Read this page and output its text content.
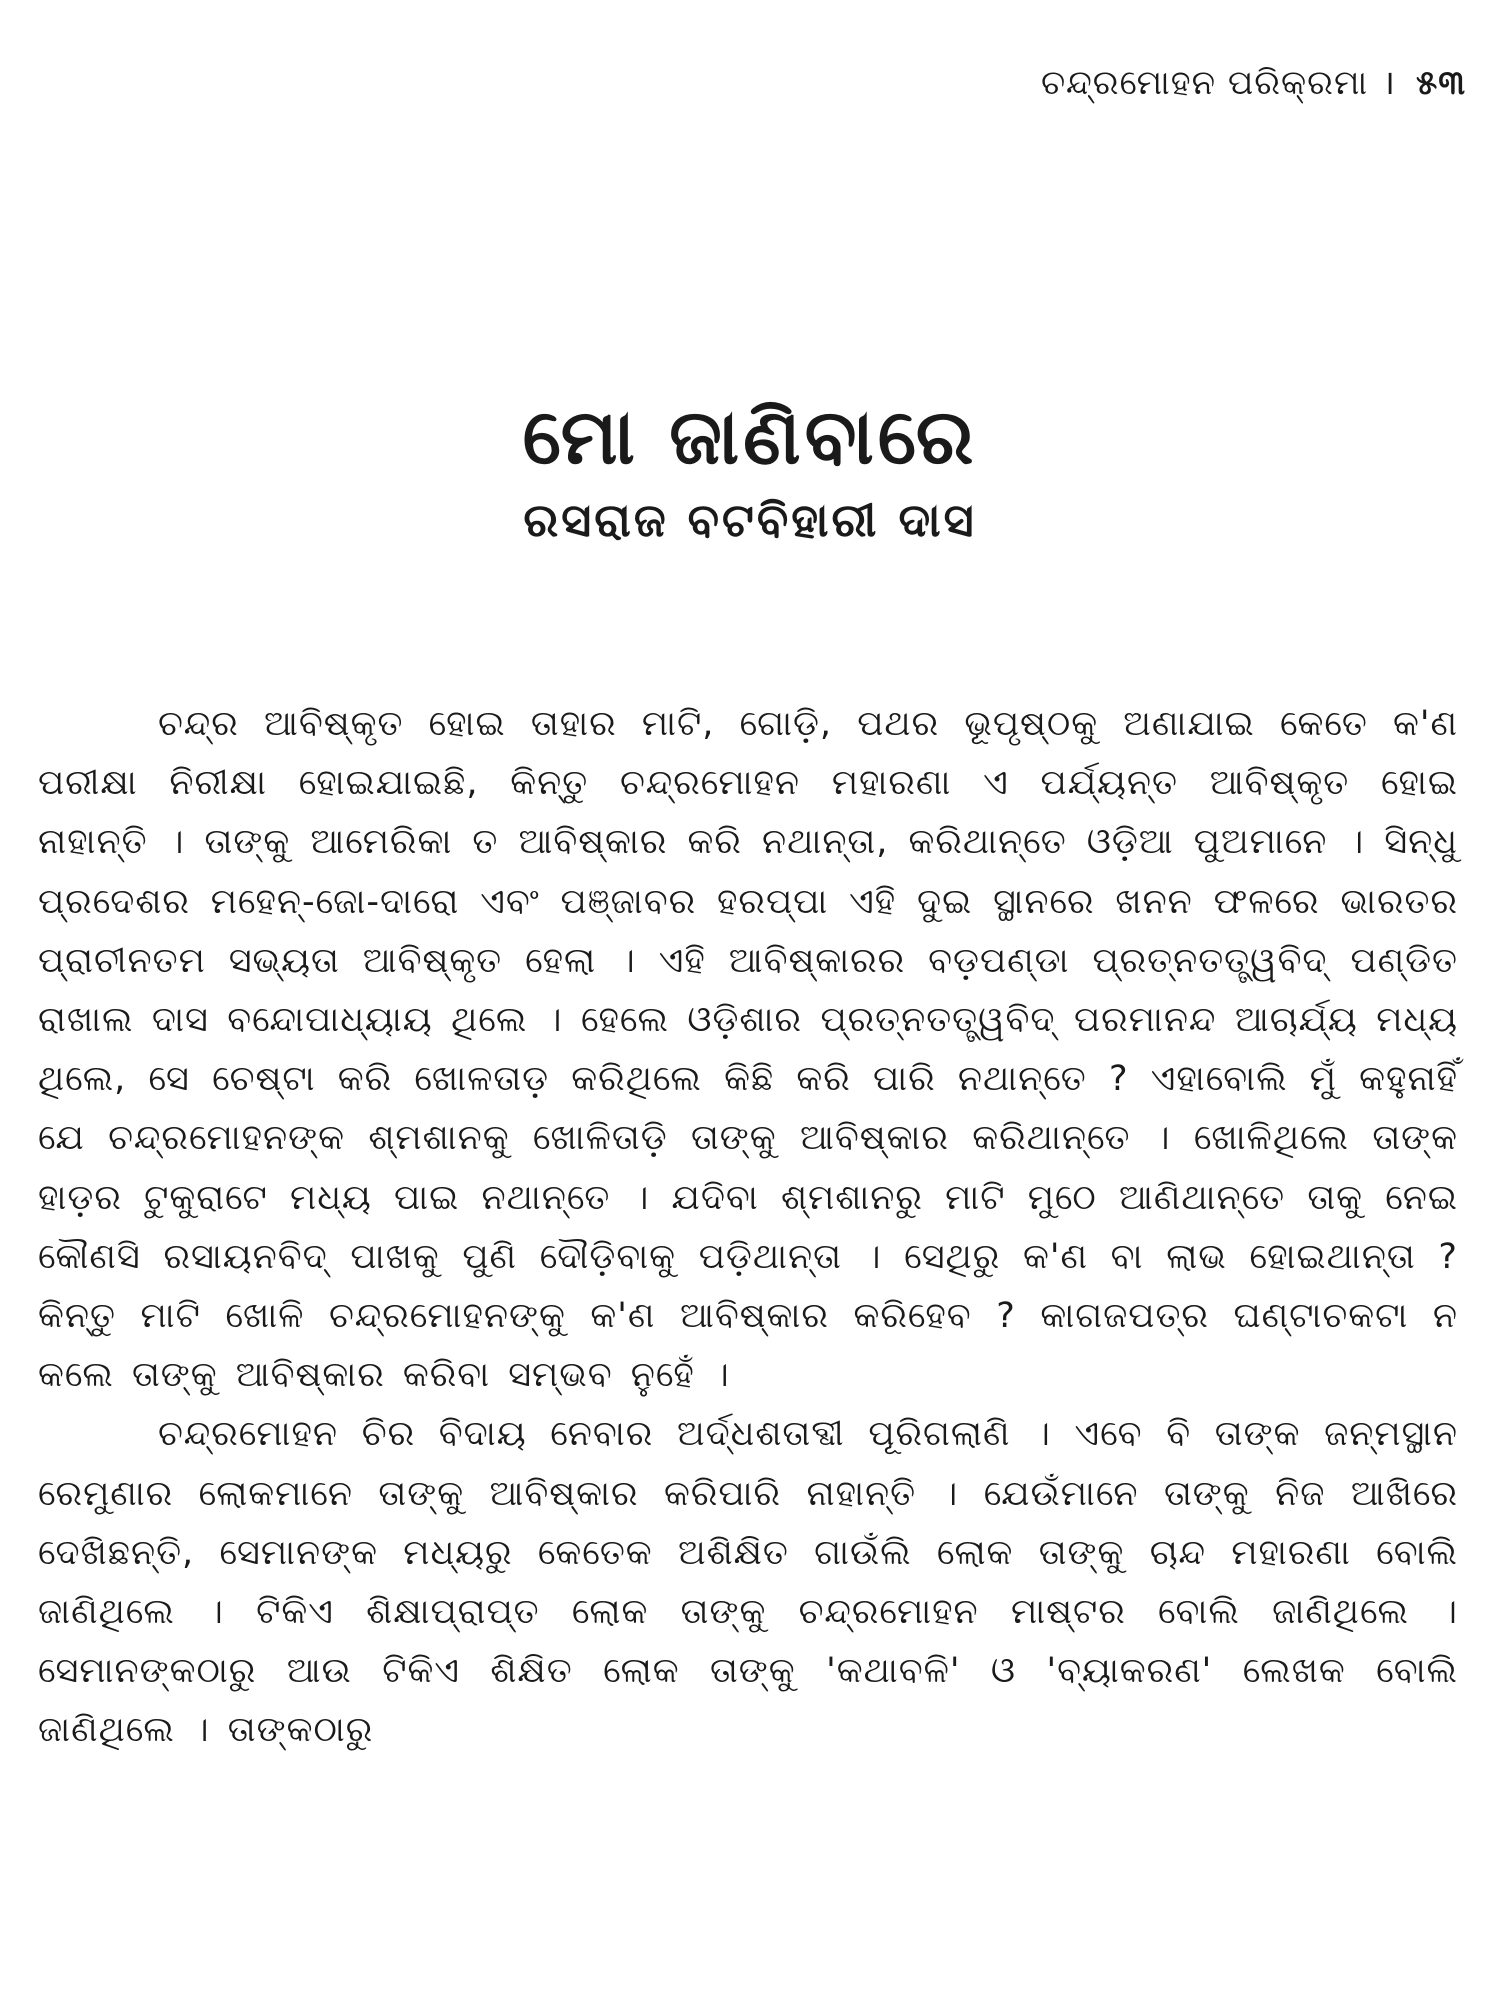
ଚନ୍ଦ୍ରମୋହନ ପରିକ୍ରମା । ୫୩
ମୋ ଜାଣିବାରେ
ରସରାଜ ବଟବିହାରୀ ଦାସ

ଚନ୍ଦ୍ର ଆବିଷ୍କୃତ ହୋଇ ତାହାର ମାଟି, ଗୋଡ଼ି, ପଥର ଭୂପୃଷ୍ଠକୁ ଅଣାଯାଇ କେତେ କ'ଣ ପରୀକ୍ଷା ନିରୀକ୍ଷା ହୋଇଯାଇଛି, କିନ୍ତୁ ଚନ୍ଦ୍ରମୋହନ ମହାରଣା ଏ ପର୍ଯ୍ୟନ୍ତ ଆବିଷ୍କୃତ ହୋଇ ନାହାନ୍ତି । ତାଙ୍କୁ ଆମେରିକା ତ ଆବିଷ୍କାର କରି ନଥାନ୍ତା, କରିଥାନ୍ତେ ଓଡ଼ିଆ ପୁଅମାନେ । ସିନ୍ଧୁ ପ୍ରଦେଶର ମହେନ୍-ଜୋ-ଦାରୋ ଏବଂ ପଞ୍ଜାବର ହରପ୍ପା ଏହି ଦୁଇ ସ୍ଥାନରେ ଖନନ ଫଳରେ ଭାରତର ପ୍ରାଚୀନତମ ସଭ୍ୟତା ଆବିଷ୍କୃତ ହେଲା । ଏହି ଆବିଷ୍କାରର ବଡ଼ପଣ୍ଡା ପ୍ରତ୍ନତତ୍ତ୍ୱବିଦ୍ ପଣ୍ଡିତ ରାଖାଲ ଦାସ ବନ୍ଦୋପାଧ୍ୟାୟ ଥିଲେ । ହେଲେ ଓଡ଼ିଶାର ପ୍ରତ୍ନତତ୍ତ୍ୱବିଦ୍ ପରମାନନ୍ଦ ଆଚାର୍ଯ୍ୟ ମଧ୍ୟ ଥିଲେ, ସେ ଚେଷ୍ଟା କରି ଖୋଳତାଡ଼ କରିଥିଲେ କିଛି କରି ପାରି ନଥାନ୍ତେ ? ଏହାବୋଲି ମୁଁ କହୁନାହିଁ ଯେ ଚନ୍ଦ୍ରମୋହନଙ୍କ ଶ୍ମଶାନକୁ ଖୋଳିତାଡ଼ି ତାଙ୍କୁ ଆବିଷ୍କାର କରିଥାନ୍ତେ । ଖୋଳିଥିଲେ ତାଙ୍କ ହାଡ଼ର ଟୁକୁରାଟେ ମଧ୍ୟ ପାଇ ନଥାନ୍ତେ । ଯଦିବା ଶ୍ମଶାନରୁ ମାଟି ମୁଠେ ଆଣିଥାନ୍ତେ ତାକୁ ନେଇ କୌଣସି ରସାୟନବିଦ୍ ପାଖକୁ ପୁଣି ଦୌଡ଼ିବାକୁ ପଡ଼ିଥାନ୍ତା । ସେଥିରୁ କ'ଣ ବା ଲାଭ ହୋଇଥାନ୍ତା ? କିନ୍ତୁ ମାଟି ଖୋଳି ଚନ୍ଦ୍ରମୋହନଙ୍କୁ କ'ଣ ଆବିଷ୍କାର କରିହେବ ? କାଗଜପତ୍ର ଘଣ୍ଟାଚକଟା ନ କଲେ ତାଙ୍କୁ ଆବିଷ୍କାର କରିବା ସମ୍ଭବ ନୁହେଁ ।

ଚନ୍ଦ୍ରମୋହନ ଚିର ବିଦାୟ ନେବାର ଅର୍ଦ୍ଧଶତାବ୍ଦୀ ପୂରିଗଲାଣି । ଏବେ ବି ତାଙ୍କ ଜନ୍ମସ୍ଥାନ ରେମୁଣାର ଲୋକମାନେ ତାଙ୍କୁ ଆବିଷ୍କାର କରିପାରି ନାହାନ୍ତି । ଯେଉଁମାନେ ତାଙ୍କୁ ନିଜ ଆଖିରେ ଦେଖିଛନ୍ତି, ସେମାନଙ୍କ ମଧ୍ୟରୁ କେତେକ ଅଶିକ୍ଷିତ ଗାଉଁଲି ଲୋକ ତାଙ୍କୁ ଚାନ୍ଦ ମହାରଣା ବୋଲି ଜାଣିଥିଲେ । ଟିକିଏ ଶିକ୍ଷାପ୍ରାପ୍ତ ଲୋକ ତାଙ୍କୁ ଚନ୍ଦ୍ରମୋହନ ମାଷ୍ଟର ବୋଲି ଜାଣିଥିଲେ । ସେମାନଙ୍କଠାରୁ ଆଉ ଟିକିଏ ଶିକ୍ଷିତ ଲୋକ ତାଙ୍କୁ 'କଥାବଳି' ଓ 'ବ୍ୟାକରଣ' ଲେଖକ ବୋଲି ଜାଣିଥିଲେ । ତାଙ୍କଠାରୁ
